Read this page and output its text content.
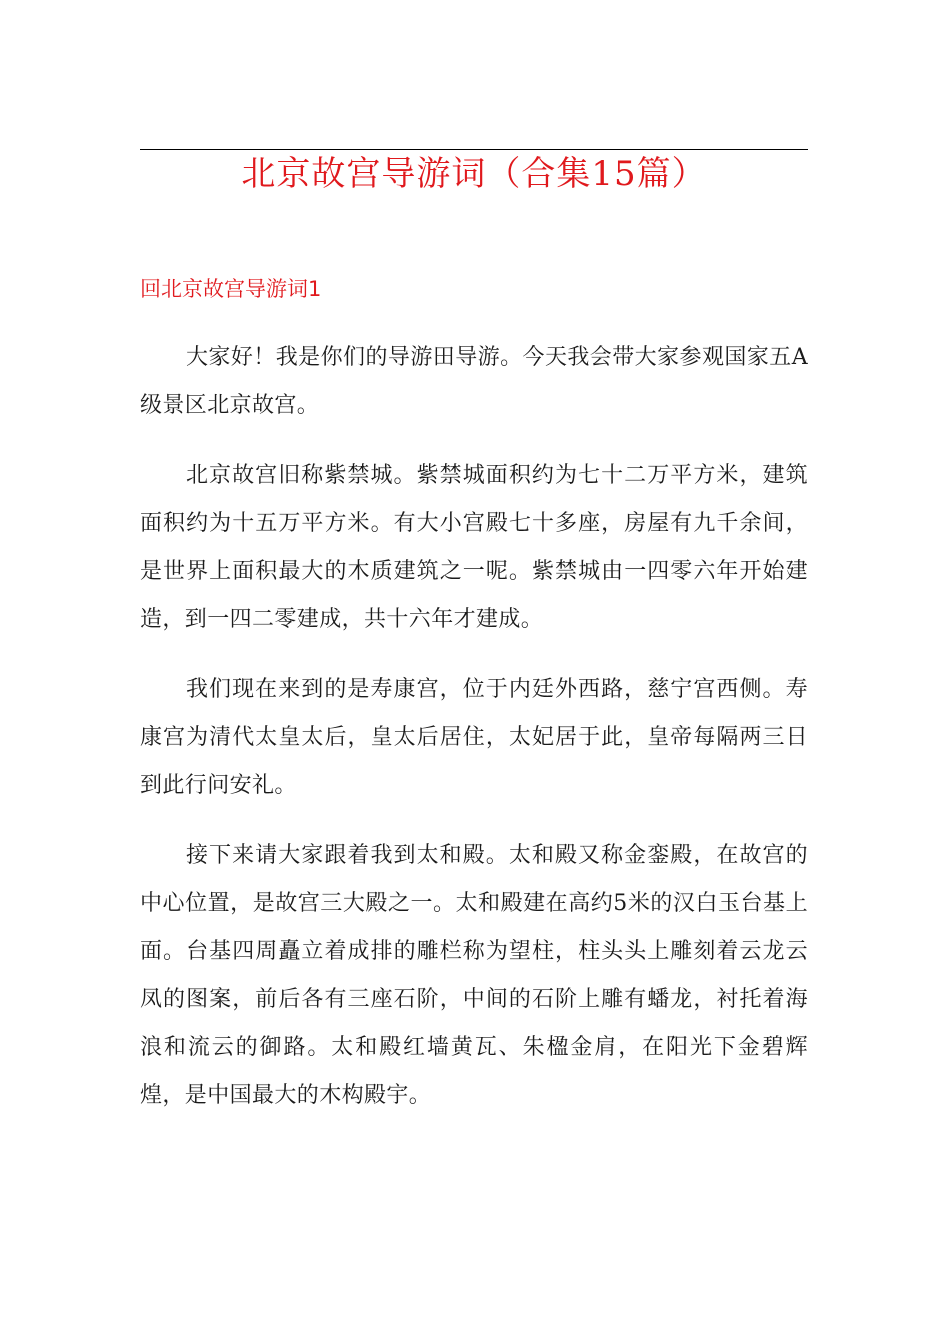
北京故宫导游词（合集15篇）
回北京故宫导游词1

大家好！我是你们的导游田导游。今天我会带大家参观国家五A级景区北京故宫。

北京故宫旧称紫禁城。紫禁城面积约为七十二万平方米，建筑面积约为十五万平方米。有大小宫殿七十多座，房屋有九千余间，是世界上面积最大的木质建筑之一呢。紫禁城由一四零六年开始建造，到一四二零建成，共十六年才建成。

我们现在来到的是寿康宫，位于内廷外西路，慈宁宫西侧。寿康宫为清代太皇太后，皇太后居住，太妃居于此，皇帝每隔两三日到此行问安礼。

接下来请大家跟着我到太和殿。太和殿又称金銮殿，在故宫的中心位置，是故宫三大殿之一。太和殿建在高约5米的汉白玉台基上面。台基四周矗立着成排的雕栏称为望柱，柱头头上雕刻着云龙云凤的图案，前后各有三座石阶，中间的石阶上雕有蟠龙，衬托着海浪和流云的御路。太和殿红墙黄瓦、朱楹金肩，在阳光下金碧辉煌，是中国最大的木构殿宇。
